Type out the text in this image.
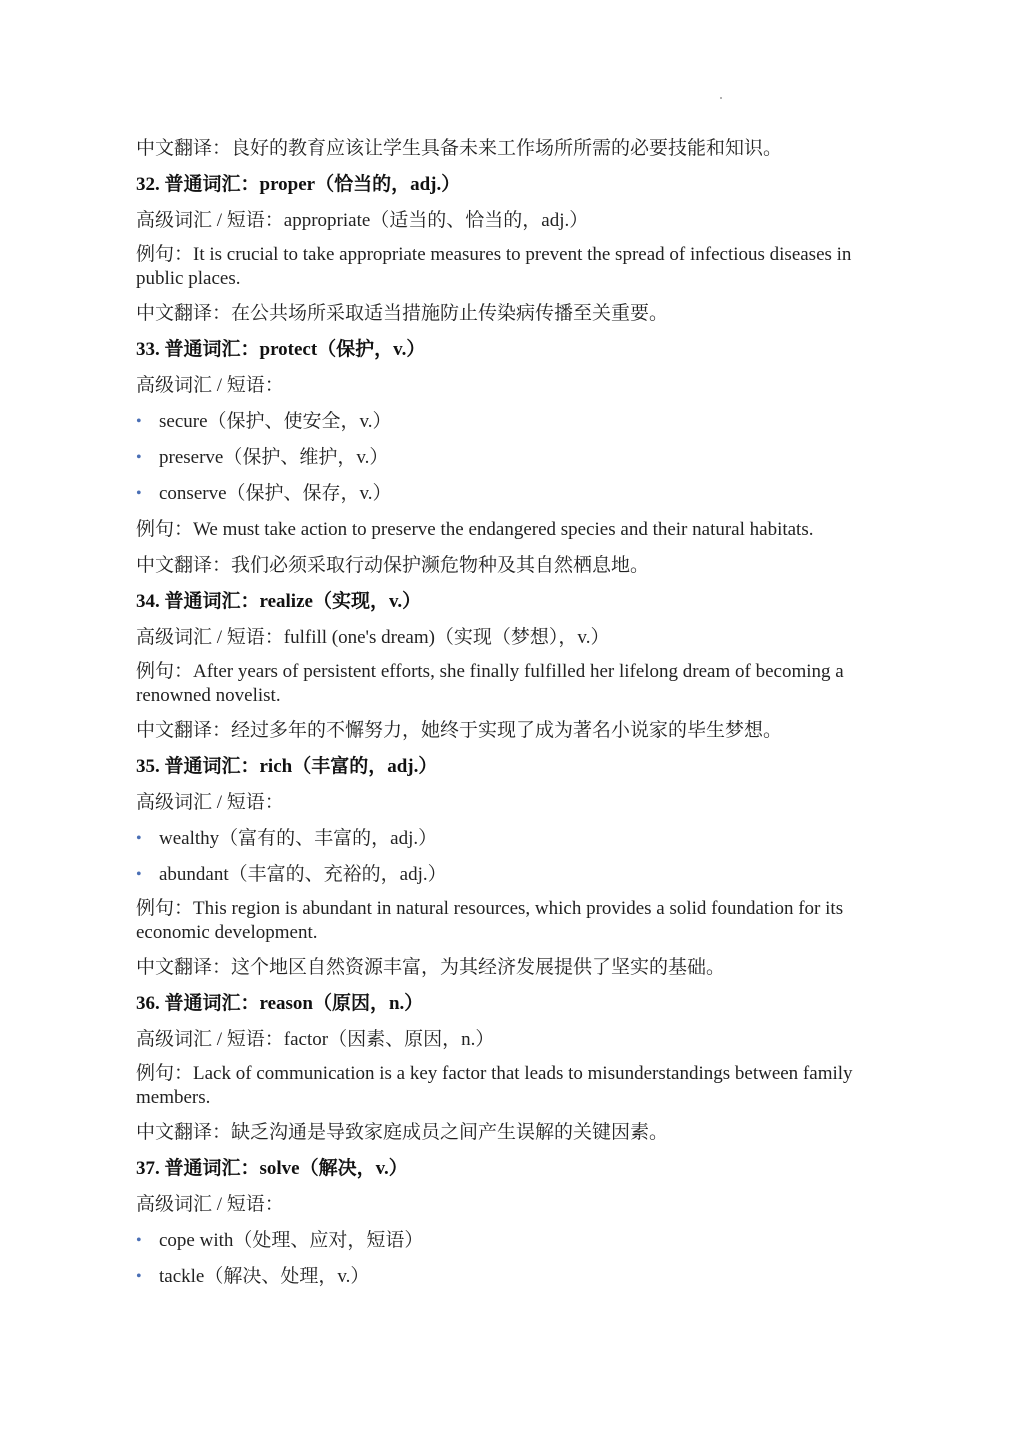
中文翻译：良好的教育应该让学生具备未来工作场所所需的必要技能和知识。
32. 普通词汇：proper（恰当的，adj.）
高级词汇 / 短语：appropriate（适当的、恰当的，adj.）
例句：It is crucial to take appropriate measures to prevent the spread of infectious diseases in public places.
中文翻译：在公共场所采取适当措施防止传染病传播至关重要。
33. 普通词汇：protect（保护，v.）
高级词汇 / 短语：
• secure（保护、使安全，v.）
• preserve（保护、维护，v.）
• conserve（保护、保存，v.）
例句：We must take action to preserve the endangered species and their natural habitats.
中文翻译：我们必须采取行动保护濒危物种及其自然栖息地。
34. 普通词汇：realize（实现，v.）
高级词汇 / 短语：fulfill (one's dream)（实现（梦想），v.）
例句：After years of persistent efforts, she finally fulfilled her lifelong dream of becoming a renowned novelist.
中文翻译：经过多年的不懈努力，她终于实现了成为著名小说家的毕生梦想。
35. 普通词汇：rich（丰富的，adj.）
高级词汇 / 短语：
• wealthy（富有的、丰富的，adj.）
• abundant（丰富的、充裕的，adj.）
例句：This region is abundant in natural resources, which provides a solid foundation for its economic development.
中文翻译：这个地区自然资源丰富，为其经济发展提供了坚实的基础。
36. 普通词汇：reason（原因，n.）
高级词汇 / 短语：factor（因素、原因，n.）
例句：Lack of communication is a key factor that leads to misunderstandings between family members.
中文翻译：缺乏沟通是导致家庭成员之间产生误解的关键因素。
37. 普通词汇：solve（解决，v.）
高级词汇 / 短语：
• cope with（处理、应对，短语）
• tackle（解决、处理，v.）
